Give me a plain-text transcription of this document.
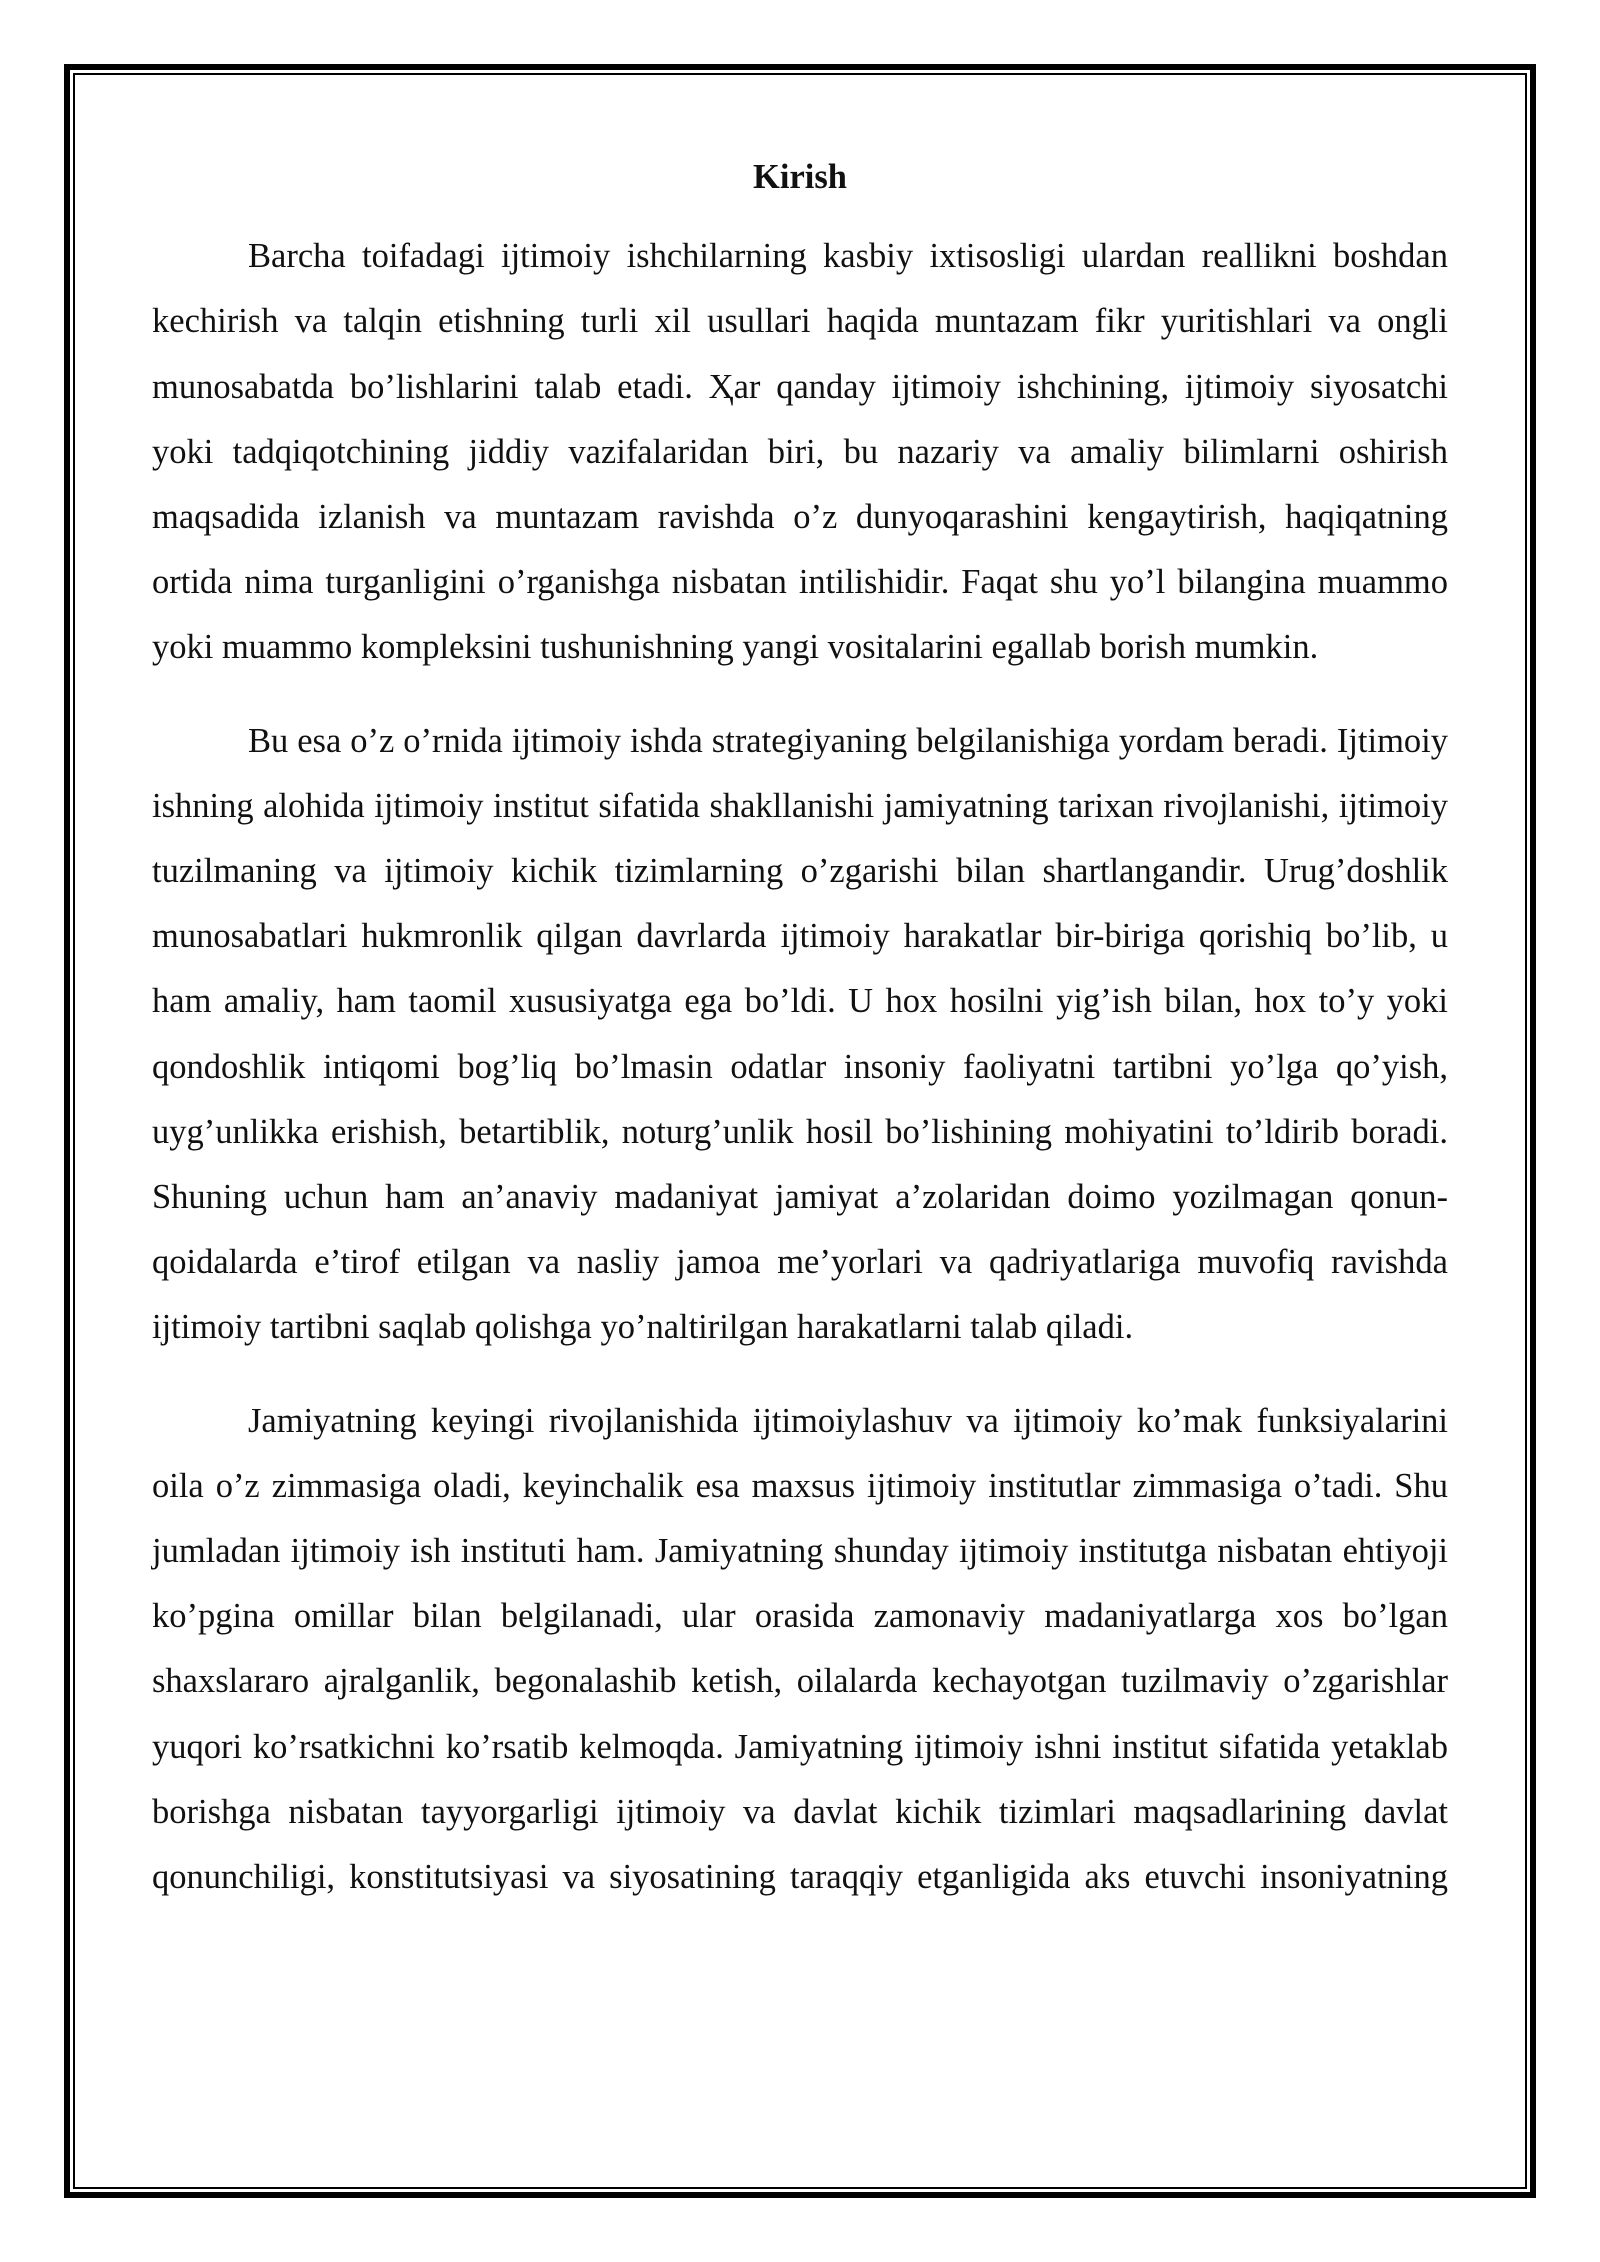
Kirish

Barcha toifadagi ijtimoiy ishchilarning kasbiy ixtisosligi ulardan reallikni boshdan kechirish va talqin etishning turli xil usullari haqida muntazam fikr yuritishlari va ongli munosabatda bo’lishlarini talab etadi. Ҳar qanday ijtimoiy ishchining, ijtimoiy siyosatchi yoki tadqiqotchining jiddiy vazifalaridan biri, bu nazariy va amaliy bilimlarni oshirish maqsadida izlanish va muntazam ravishda o’z dunyoqarashini kengaytirish, haqiqatning ortida nima turganligini o’rganishga nisbatan intilishidir. Faqat shu yo’l bilangina muammo yoki muammo kompleksini tushunishning yangi vositalarini egallab borish mumkin.

Bu esa o’z o’rnida ijtimoiy ishda strategiyaning belgilanishiga yordam beradi. Ijtimoiy ishning alohida ijtimoiy institut sifatida shakllanishi jamiyatning tarixan rivojlanishi, ijtimoiy tuzilmaning va ijtimoiy kichik tizimlarning o’zgarishi bilan shartlangandir. Urug’doshlik munosabatlari hukmronlik qilgan davrlarda ijtimoiy harakatlar bir-biriga qorishiq bo’lib, u ham amaliy, ham taomil xususiyatga ega bo’ldi. U hox hosilni yig’ish bilan, hox to’y yoki qondoshlik intiqomi bog’liq bo’lmasin odatlar insoniy faoliyatni tartibni yo’lga qo’yish, uyg’unlikka erishish, betartiblik, noturg’unlik hosil bo’lishining mohiyatini to’ldirib boradi. Shuning uchun ham an’anaviy madaniyat jamiyat a’zolaridan doimo yozilmagan qonun-qoidalarda e’tirof etilgan va nasliy jamoa me’yorlari va qadriyatlariga muvofiq ravishda ijtimoiy tartibni saqlab qolishga yo’naltirilgan harakatlarni talab qiladi.

Jamiyatning keyingi rivojlanishida ijtimoiylashuv va ijtimoiy ko’mak funksiyalarini oila o’z zimmasiga oladi, keyinchalik esa maxsus ijtimoiy institutlar zimmasiga o’tadi. Shu jumladan ijtimoiy ish instituti ham. Jamiyatning shunday ijtimoiy institutga nisbatan ehtiyoji ko’pgina omillar bilan belgilanadi, ular orasida zamonaviy madaniyatlarga xos bo’lgan shaxslararo ajralganlik, begonalashib ketish, oilalarda kechayotgan tuzilmaviy o’zgarishlar yuqori ko’rsatkichni ko’rsatib kelmoqda. Jamiyatning ijtimoiy ishni institut sifatida yetaklab borishga nisbatan tayyorgarligi ijtimoiy va davlat kichik tizimlari maqsadlarining davlat qonunchiligi, konstitutsiyasi va siyosatining taraqqiy etganligida aks etuvchi insoniyatning
